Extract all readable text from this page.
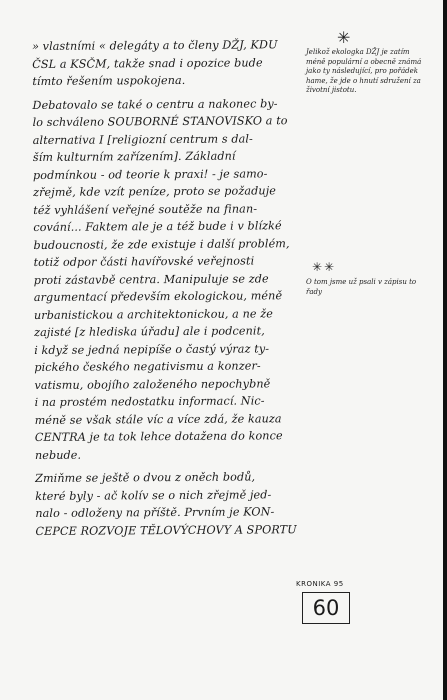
» vlastními « delegáty a to členy DŽJ, KDU
ČSL a KSČM, takže snad i opozice bude
tímto řešením uspokojena.
Debatovalo se také o centru a nakonec by-
lo schváleno SOUBORNÉ STANOVISKO a to
alternativa I [religiozní centrum s dal-
ším kulturním zařízením]. Základní
podmínkou - od teorie k praxi! - je samo-
zřejmě, kde vzít peníze, proto se požaduje
též vyhlášení veřejné soutěže na finan-
cování... Faktem ale je a též bude i v blízké
budoucnosti, že zde existuje i další problém,
totiž odpor části havířovské veřejnosti
proti zástavbě centra. Manipuluje se zde
argumentací především ekologickou, méně
urbanistickou a architektonickou, a ne že
zajisté [z hlediska úřadu] ale i podcenit,
i když se jedná nepipíše o častý výraz ty-
pického českého negativismu a konzer-
vatismu, obojího založeného nepochybně
i na prostém nedostatku informací. Nic-
méně se však stále víc a více zdá, že kauza
CENTRA je ta tok lehce dotažena do konce
nebude.
Zmiňme se ještě o dvou z oněch bodů,
které byly - ač kolív se o nich zřejmě jed-
nalo - odloženy na příště. Prvním je KON-
CEPCE ROZVOJE TĚLOVÝCHOVY A SPORTU
✳
Jelikož ekologka DŽJ je zatím méně populární a obecně známá jako ty následující, pro pořádek hame, že jde o hnutí sdružení za životní jistotu.
✳✳
O tom jsme už psali v zápisu to řady
KRONIKA 95
60
